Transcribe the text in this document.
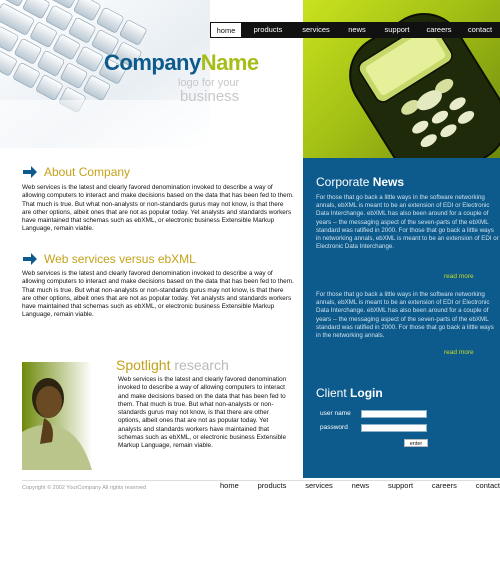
home	products	services	news	support	careers	contact
CompanyName
logo for your
business
About Company
Web services is the latest and clearly favored denomination invoked to describe a way of allowing computers to interact and make decisions based on the data that has been fed to them. That much is true. But what non-analysts or non-standards gurus may not know, is that there are other options, albeit ones that are not as popular today. Yet analysts and standards workers have maintained that schemas such as ebXML, or electronic business Extensible Markup Language, remain viable.
Web services versus ebXML
Web services is the latest and clearly favored denomination invoked to describe a way of allowing computers to interact and make decisions based on the data that has been fed to them. That much is true. But what non-analysts or non-standards gurus may not know, is that there are other options, albeit ones that are not as popular today. Yet analysts and standards workers have maintained that schemas such as ebXML, or electronic business Extensible Markup Language, remain viable.
Spotlight research
Web services is the latest and clearly favored denomination invoked to describe a way of allowing computers to interact and make decisions based on the data that has been fed to them. That much is true. But what non-analysts or non-standards gurus may not know, is that there are other options, albeit ones that are not as popular today. Yet analysts and standards workers have maintained that schemas such as ebXML, or electronic business Extensible Markup Language, remain viable.
Corporate News
For those that go back a little ways in the software networking annals, ebXML is meant to be an extension of EDI or Electronic Data Interchange. ebXML has also been around for a couple of years -- the messaging aspect of the seven-parts of the ebXML standard was ratified in 2000. For those that go back a little ways in networking annals, ebXML is meant to be an extension of EDI or Electronic Data Interchange.
read more
For those that go back a little ways in the software networking annals, ebXML is meant to be an extension of EDI or Electronic Data Interchange. ebXML has also been around for a couple of years -- the messaging aspect of the seven-parts of the ebXML standard was ratified in 2000. For those that go back a little ways in the networking annals.
read more
Client Login
user name
password
enter
Copyright © 2002 YourCompany All rights reserved	home	products	services	news	support	careers	contact
